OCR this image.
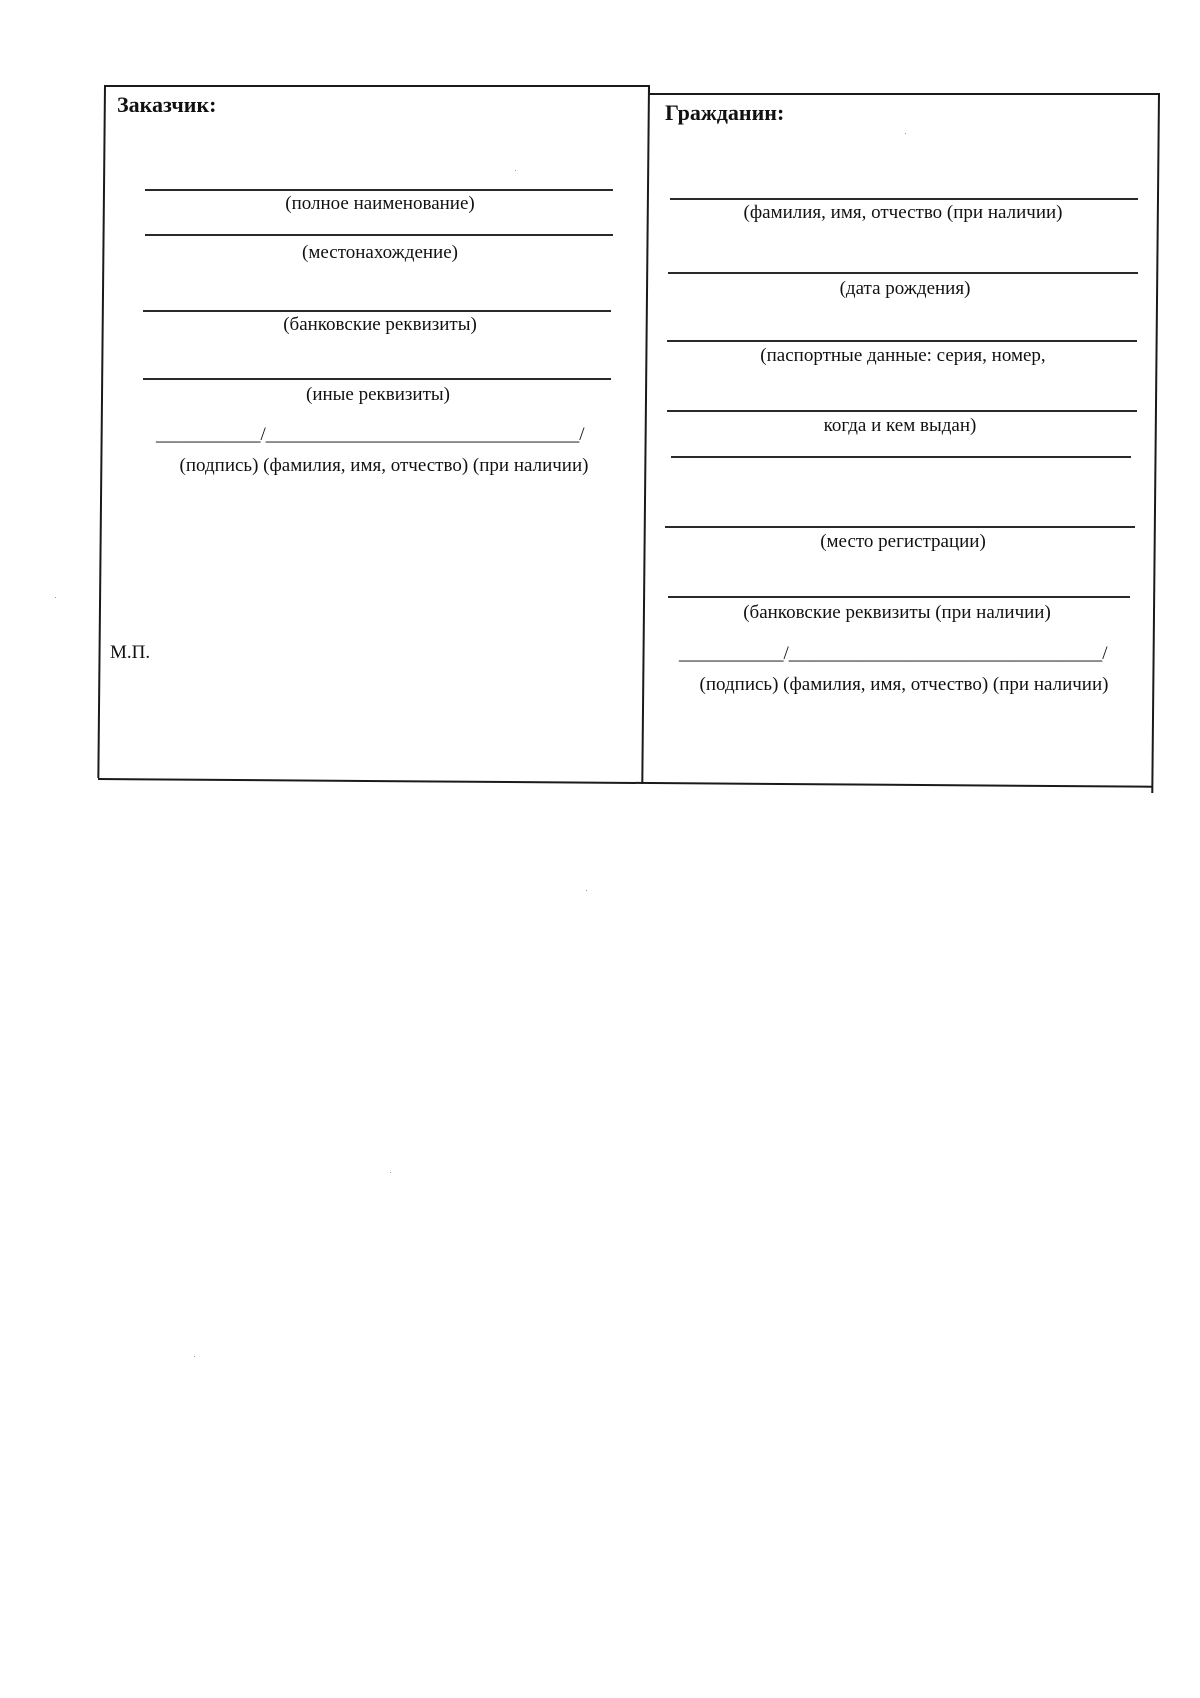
Заказчик:
(полное наименование)
(местонахождение)
(банковские реквизиты)
(иные реквизиты)
___________/_________________________________/
(подпись) (фамилия, имя, отчество) (при наличии)
М.П.
Гражданин:
(фамилия, имя, отчество (при наличии)
(дата рождения)
(паспортные данные: серия, номер,
когда и кем выдан)
(место регистрации)
(банковские реквизиты (при наличии)
___________/_________________________________/
(подпись) (фамилия, имя, отчество) (при наличии)
